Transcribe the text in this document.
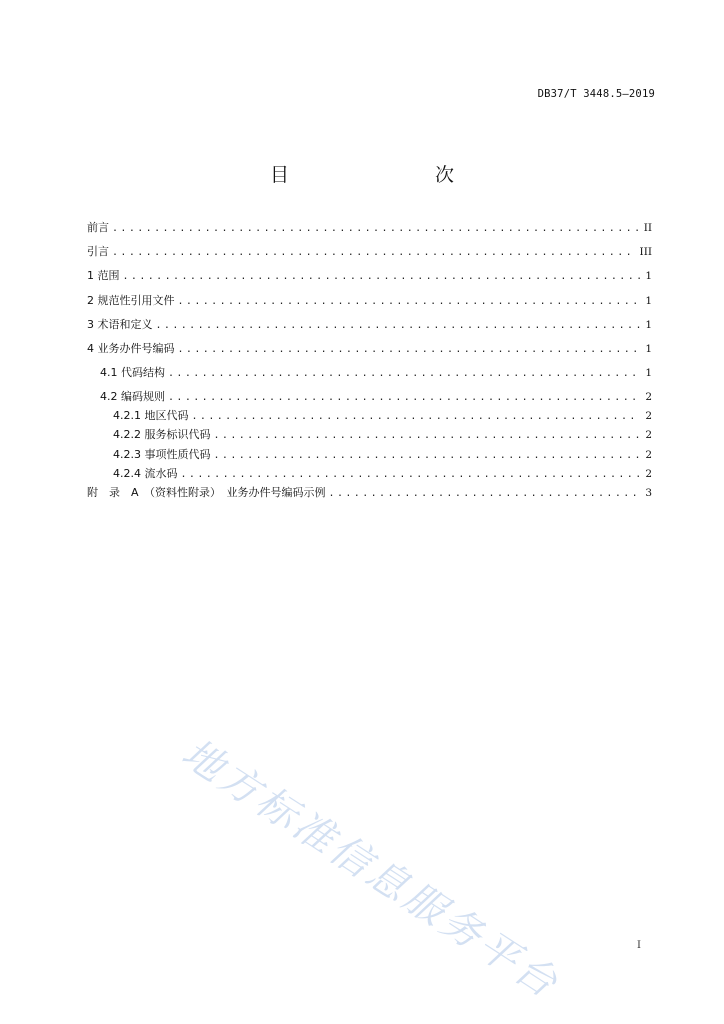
DB37/T 3448.5—2019
目　　次
前言 .....	II
引言 .....	III
1 范围 .....	1
2 规范性引用文件 .....	1
3 术语和定义 .....	1
4 业务办件号编码 .....	1
4.1 代码结构 .....	1
4.2 编码规则 .....	2
4.2.1 地区代码 .....	2
4.2.2 服务标识代码 .....	2
4.2.3 事项性质代码 .....	2
4.2.4 流水码 .....	2
附　录　A　（资料性附录）　业务办件号编码示例 .....	3
地方标准信息服务平台	I
